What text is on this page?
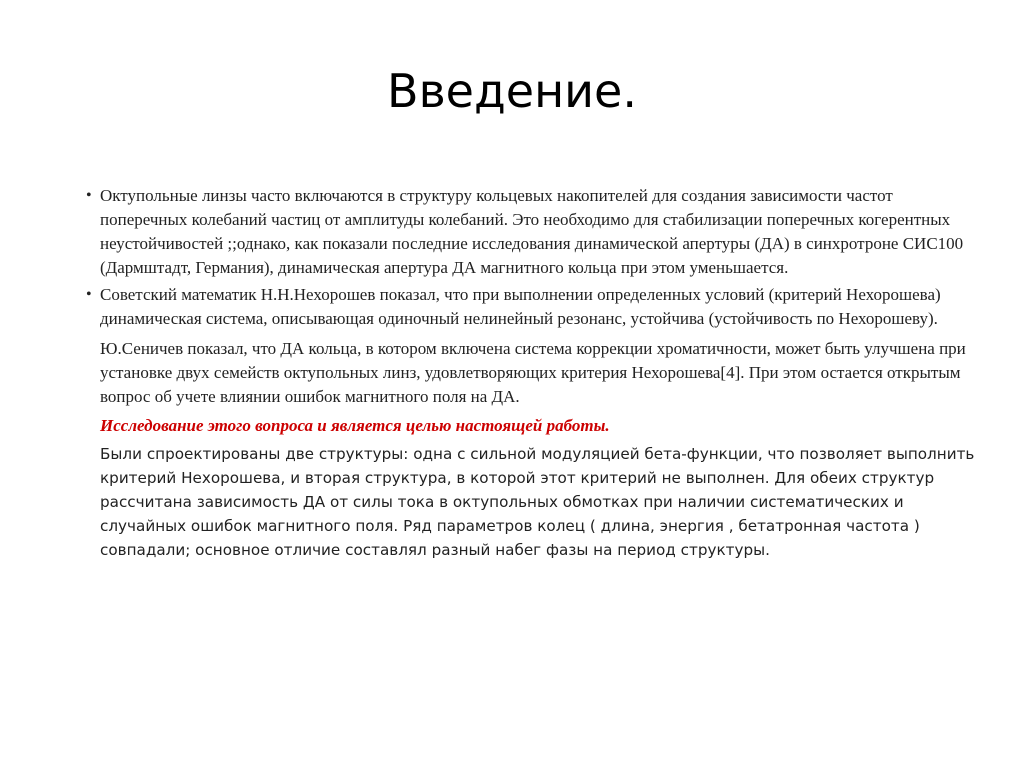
Введение.
• Октупольные линзы часто включаются в структуру кольцевых накопителей для создания зависимости частот поперечных колебаний частиц от амплитуды колебаний. Это необходимо для стабилизации поперечных когерентных неустойчивостей ;;однако, как показали последние исследования динамической апертуры (ДА) в синхротроне СИС100 (Дармштадт, Германия), динамическая апертура ДА магнитного кольца при этом уменьшается.
• Советский математик Н.Н.Нехорошев показал, что при выполнении определенных условий (критерий Нехорошева) динамическая система, описывающая одиночный нелинейный резонанс, устойчива (устойчивость по Нехорошеву).
Ю.Сеничев показал, что ДА кольца, в котором включена система коррекции хроматичности, может быть улучшена при установке двух семейств октупольных линз, удовлетворяющих критерия Нехорошева[4]. При этом остается открытым вопрос об учете влиянии ошибок магнитного поля на ДА.
Исследование этого вопроса и является целью настоящей работы.
Были спроектированы две структуры: одна с сильной модуляцией бета-функции, что позволяет выполнить критерий Нехорошева, и вторая структура, в которой этот критерий не выполнен. Для обеих структур рассчитана зависимость ДА от силы тока в октупольных обмотках при наличии систематических и случайных ошибок магнитного поля. Ряд параметров колец ( длина, энергия , бетатронная частота ) совпадали; основное отличие составлял разный набег фазы на период структуры.
